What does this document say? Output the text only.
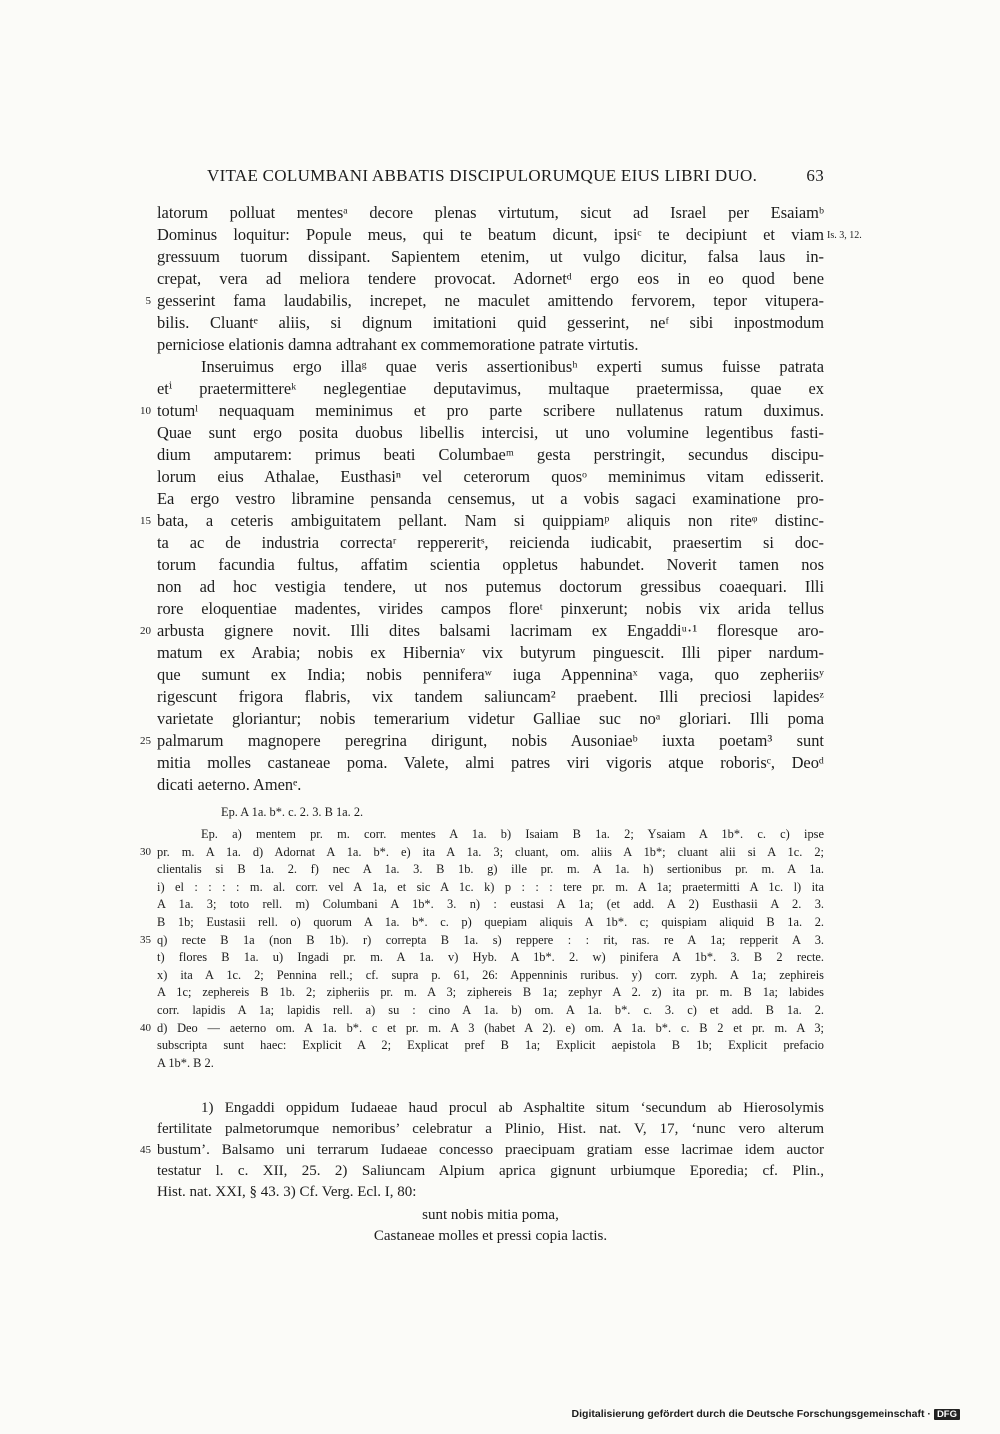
VITAE COLUMBANI ABBATIS DISCIPULORUMQUE EIUS LIBRI DUO.	63
latorum polluat mentesᵃ decore plenas virtutum, sicut ad Israel per Esaiamᵇ
Dominus loquitur: Popule meus, qui te beatum dicunt, ipsiᶜ te decipiunt et viam Is. 3, 12.
gressuum tuorum dissipant. Sapientem etenim, ut vulgo dicitur, falsa laus in-
crepat, vera ad meliora tendere provocat. Adornetᵈ ergo eos in eo quod bene
5 gesserint fama laudabilis, increpet, ne maculet amittendo fervorem, tepor vitupera-
bilis. Cluantᵉ aliis, si dignum imitationi quid gesserint, neᶠ sibi inpostmodum
perniciose elationis damna adtrahant ex commemoratione patrate virtutis.
Inseruimus ergo illaᵍ quae veris assertionibusʰ experti sumus fuisse patrata
etⁱ praetermittereᵏ neglegentiae deputavimus, multaque praetermissa, quae ex
10 totumˡ nequaquam meminimus et pro parte scribere nullatenus ratum duximus.
Quae sunt ergo posita duobus libellis intercisi, ut uno volumine legentibus fasti-
dium amputarem: primus beati Columbaeᵐ gesta perstringit, secundus discipu-
lorum eius Athalae, Eusthasiⁿ vel ceterorum quosᵒ meminimus vitam edisserit.
Ea ergo vestro libramine pensanda censemus, ut a vobis sagaci examinatione pro-
15 bata, a ceteris ambiguitatem pellant. Nam si quippiamᵖ aliquis non riteᵠ distinc-
ta ac de industria correctaʳ reppereritˢ, reicienda iudicabit, praesertim si doc-
torum facundia fultus, affatim scientia oppletus habundet. Noverit tamen nos
non ad hoc vestigia tendere, ut nos putemus doctorum gressibus coaequari. Illi
rore eloquentiae madentes, virides campos floreᵗ pinxerunt; nobis vix arida tellus
20 arbusta gignere novit. Illi dites balsami lacrimam ex Engaddiᵘ·¹ floresque aro-
matum ex Arabia; nobis ex Hiberniaᵛ vix butyrum pinguescit. Illi piper nardum-
que sumunt ex India; nobis penniferaʷ iuga Appenninaˣ vaga, quo zepheriisʸ
rigescunt frigora flabris, vix tandem saliuncam² praebent. Illi preciosi lapidesᶻ
varietate gloriantur; nobis temerarium videtur Galliae suc noᵃ gloriari. Illi poma
25 palmarum magnopere peregrina dirigunt, nobis Ausoniaeᵇ iuxta poetam³ sunt
mitia molles castaneae poma. Valete, almi patres viri vigoris atque roborisᶜ, Deoᵈ
dicati aeterno. Amenᵉ.
Ep. A 1a. b*. c. 2. 3. B 1a. 2.
Ep. a) mentem pr. m. corr. mentes A 1a. b) Isaiam B 1a. 2; Ysaiam A 1b*. c. c) ipse
30 pr. m. A 1a. d) Adornat A 1a. b*. e) ita A 1a. 3; cluant, om. aliis A 1b*; cluant alii si A 1c. 2;
clientalis si B 1a. 2. f) nec A 1a. 3. B 1b. g) ille pr. m. A 1a. h) sertionibus pr. m. A 1a.
i) el : : : : m. al. corr. vel A 1a, et sic A 1c. k) p : : : tere pr. m. A 1a; praetermitti A 1c. l) ita
A 1a. 3; toto rell. m) Columbani A 1b*. 3. n) : eustasi A 1a; (et add. A 2) Eusthasii A 2. 3.
B 1b; Eustasii rell. o) quorum A 1a. b*. c. p) quepiam aliquis A 1b*. c; quispiam aliquid B 1a. 2.
35 q) recte B 1a (non B 1b). r) correpta B 1a. s) reppere : : rit, ras. re A 1a; repperit A 3.
t) flores B 1a. u) Ingadi pr. m. A 1a. v) Hyb. A 1b*. 2. w) pinifera A 1b*. 3. B 2 recte.
x) ita A 1c. 2; Pennina rell.; cf. supra p. 61, 26: Appenninis ruribus. y) corr. zyph. A 1a; zephireis
A 1c; zephereis B 1b. 2; zipheriis pr. m. A 3; ziphereis B 1a; zephyr A 2. z) ita pr. m. B 1a; labides
corr. lapidis A 1a; lapidis rell. a) su : cino A 1a. b) om. A 1a. b*. c. 3. c) et add. B 1a. 2.
40 d) Deo — aeterno om. A 1a. b*. c et pr. m. A 3 (habet A 2). e) om. A 1a. b*. c. B 2 et pr. m. A 3;
subscripta sunt haec: Explicit A 2; Explicat pref B 1a; Explicit aepistola B 1b; Explicit prefacio
A 1b*. B 2.
1) Engaddi oppidum Iudaeae haud procul ab Asphaltite situm ‘secundum ab Hierosolymis
fertilitate palmetorumque nemoribus’ celebratur a Plinio, Hist. nat. V, 17, ‘nunc vero alterum
45 bustum’. Balsamo uni terrarum Iudaeae concesso praecipuam gratiam esse lacrimae idem auctor
testatur l. c. XII, 25. 2) Saliuncam Alpium aprica gignunt urbiumque Eporedia; cf. Plin.,
Hist. nat. XXI, § 43. 3) Cf. Verg. Ecl. I, 80:
sunt nobis mitia poma,
Castaneae molles et pressi copia lactis.
Digitalisierung gefördert durch die Deutsche Forschungsgemeinschaft · DFG
